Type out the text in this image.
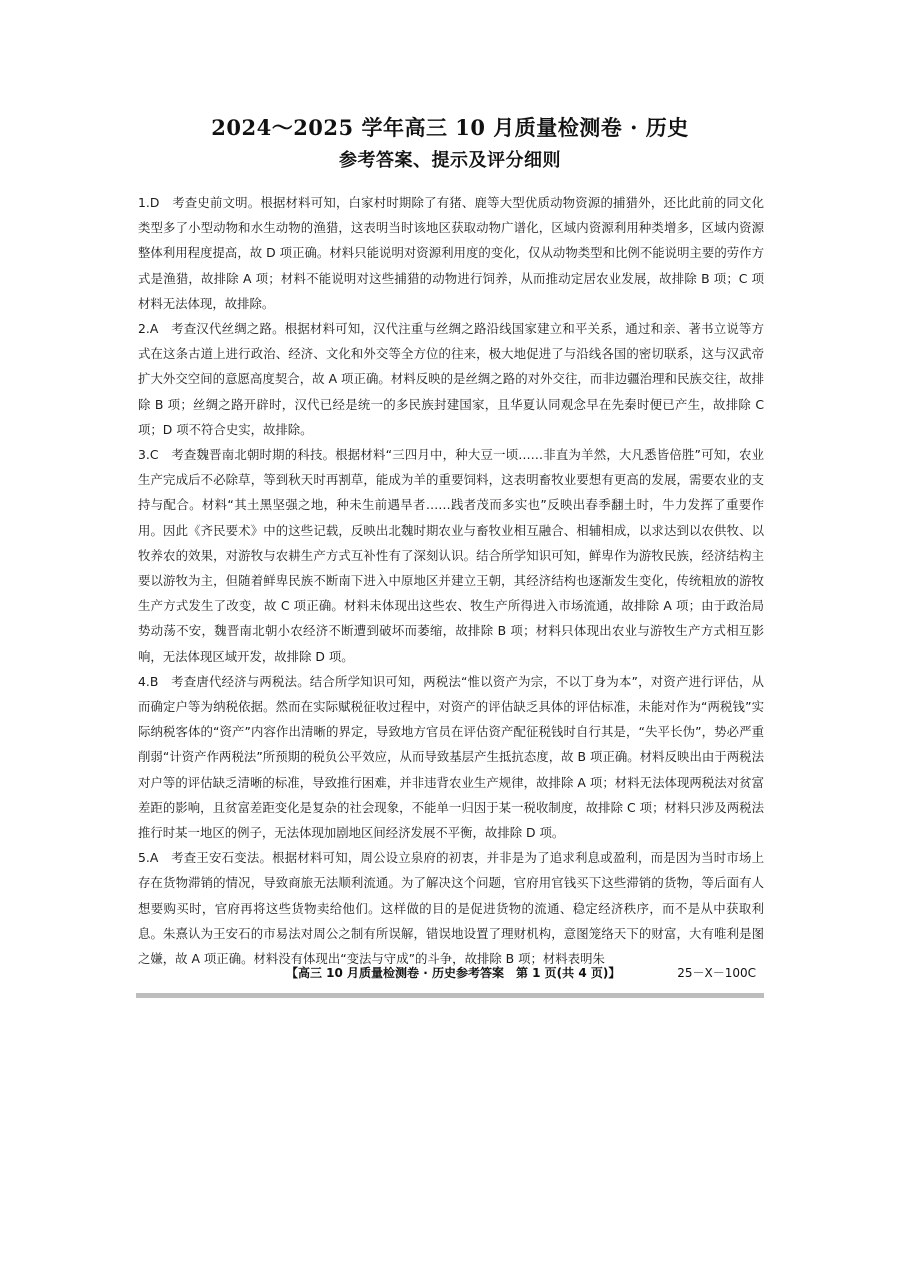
2024～2025 学年高三 10 月质量检测卷 · 历史
参考答案、提示及评分细则

1.D　 考查史前文明。根据材料可知，白家村时期除了有猪、鹿等大型优质动物资源的捕猎外，还比此前的同文化类型多了小型动物和水生动物的渔猎，这表明当时该地区获取动物广谱化，区域内资源利用种类增多，区域内资源整体利用程度提高，故 D 项正确。材料只能说明对资源利用度的变化，仅从动物类型和比例不能说明主要的劳作方式是渔猎，故排除 A 项；材料不能说明对这些捕猎的动物进行饲养，从而推动定居农业发展，故排除 B 项；C 项材料无法体现，故排除。

2.A　 考查汉代丝绸之路。根据材料可知，汉代注重与丝绸之路沿线国家建立和平关系，通过和亲、著书立说等方式在这条古道上进行政治、经济、文化和外交等全方位的往来，极大地促进了与沿线各国的密切联系，这与汉武帝扩大外交空间的意愿高度契合，故 A 项正确。材料反映的是丝绸之路的对外交往，而非边疆治理和民族交往，故排除 B 项；丝绸之路开辟时，汉代已经是统一的多民族封建国家，且华夏认同观念早在先秦时便已产生，故排除 C 项；D 项不符合史实，故排除。

3.C　 考查魏晋南北朝时期的科技。根据材料“三四月中，种大豆一顷……非直为羊然，大凡悉皆倍胜”可知，农业生产完成后不必除草，等到秋天时再割草，能成为羊的重要饲料，这表明畜牧业要想有更高的发展，需要农业的支持与配合。材料“其土黑坚强之地，种未生前遇旱者……践者茂而多实也”反映出春季翻土时，牛力发挥了重要作用。因此《齐民要术》中的这些记载，反映出北魏时期农业与畜牧业相互融合、相辅相成，以求达到以农供牧、以牧养农的效果，对游牧与农耕生产方式互补性有了深刻认识。结合所学知识可知，鲜卑作为游牧民族，经济结构主要以游牧为主，但随着鲜卑民族不断南下进入中原地区并建立王朝，其经济结构也逐渐发生变化，传统粗放的游牧生产方式发生了改变，故 C 项正确。材料未体现出这些农、牧生产所得进入市场流通，故排除 A 项；由于政治局势动荡不安，魏晋南北朝小农经济不断遭到破坏而萎缩，故排除 B 项；材料只体现出农业与游牧生产方式相互影响，无法体现区域开发，故排除 D 项。

4.B　 考查唐代经济与两税法。结合所学知识可知，两税法“惟以资产为宗，不以丁身为本”，对资产进行评估，从而确定户等为纳税依据。然而在实际赋税征收过程中，对资产的评估缺乏具体的评估标准，未能对作为“两税钱”实际纳税客体的“资产”内容作出清晰的界定，导致地方官员在评估资产配征税钱时自行其是，“失平长伪”，势必严重削弱“计资产作两税法”所预期的税负公平效应，从而导致基层产生抵抗态度，故 B 项正确。材料反映出由于两税法对户等的评估缺乏清晰的标准，导致推行困难，并非违背农业生产规律，故排除 A 项；材料无法体现两税法对贫富差距的影响，且贫富差距变化是复杂的社会现象，不能单一归因于某一税收制度，故排除 C 项；材料只涉及两税法推行时某一地区的例子，无法体现加剧地区间经济发展不平衡，故排除 D 项。

5.A　 考查王安石变法。根据材料可知，周公设立泉府的初衷，并非是为了追求利息或盈利，而是因为当时市场上存在货物滞销的情况，导致商旅无法顺利流通。为了解决这个问题，官府用官钱买下这些滞销的货物，等后面有人想要购买时，官府再将这些货物卖给他们。这样做的目的是促进货物的流通、稳定经济秩序，而不是从中获取利息。朱熹认为王安石的市易法对周公之制有所误解，错误地设置了理财机构，意图笼络天下的财富，大有唯利是图之嫌，故 A 项正确。材料没有体现出“变法与守成”的斗争，故排除 B 项；材料表明朱

【高三 10 月质量检测卷 · 历史参考答案　第 1 页(共 4 页)】	25－X－100C
